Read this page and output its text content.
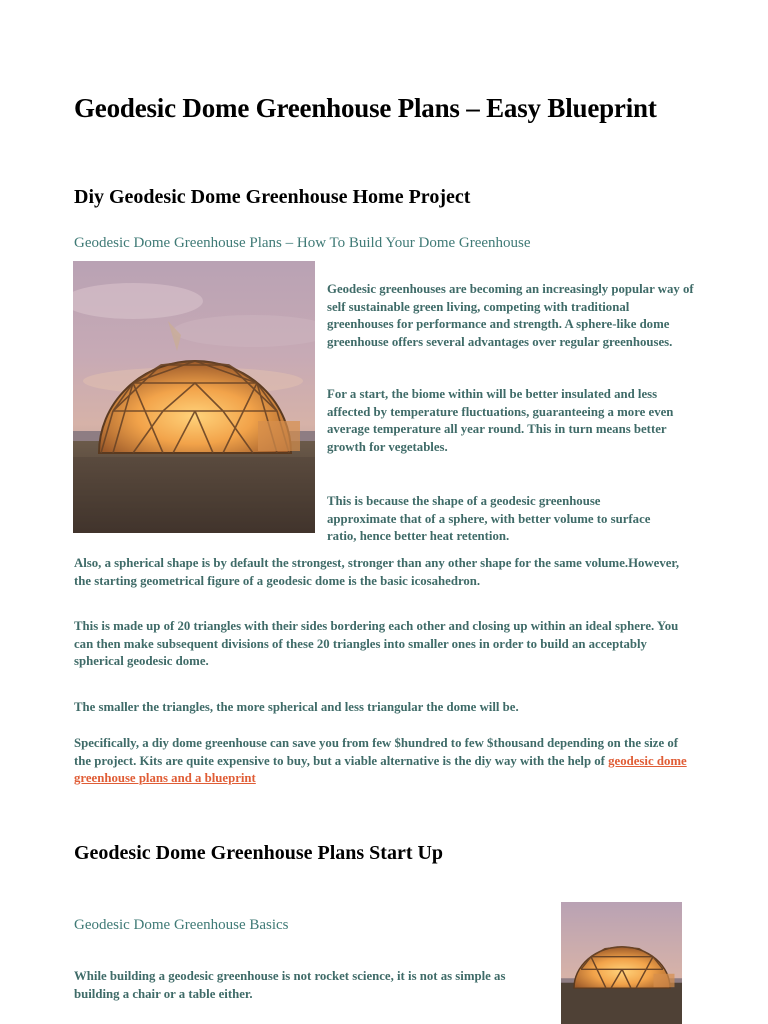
Geodesic Dome Greenhouse Plans – Easy Blueprint
Diy Geodesic Dome Greenhouse Home Project

Geodesic Dome Greenhouse Plans – How To Build Your Dome Greenhouse

Geodesic greenhouses are becoming an increasingly popular way of self sustainable green living, competing with traditional greenhouses for performance and strength. A sphere-like dome greenhouse offers several advantages over regular greenhouses.

For a start, the biome within will be better insulated and less affected by temperature fluctuations, guaranteeing a more even average temperature all year round. This in turn means better growth for vegetables.

This is because the shape of a geodesic greenhouse approximate that of a sphere, with better volume to surface ratio, hence better heat retention.

Also, a spherical shape is by default the strongest, stronger than any other shape for the same volume.However, the starting geometrical figure of a geodesic dome is the basic icosahedron.

This is made up of 20 triangles with their sides bordering each other and closing up within an ideal sphere. You can then make subsequent divisions of these 20 triangles into smaller ones in order to build an acceptably spherical geodesic dome.

The smaller the triangles, the more spherical and less triangular the dome will be.

Specifically, a diy dome greenhouse can save you from few $hundred to few $thousand depending on the size of the project. Kits are quite expensive to buy, but a viable alternative is the diy way with the help of geodesic dome greenhouse plans and a blueprint

Geodesic Dome Greenhouse Plans Start Up

Geodesic Dome Greenhouse Basics

While building a geodesic greenhouse is not rocket science, it is not as simple as building a chair or a table either.
